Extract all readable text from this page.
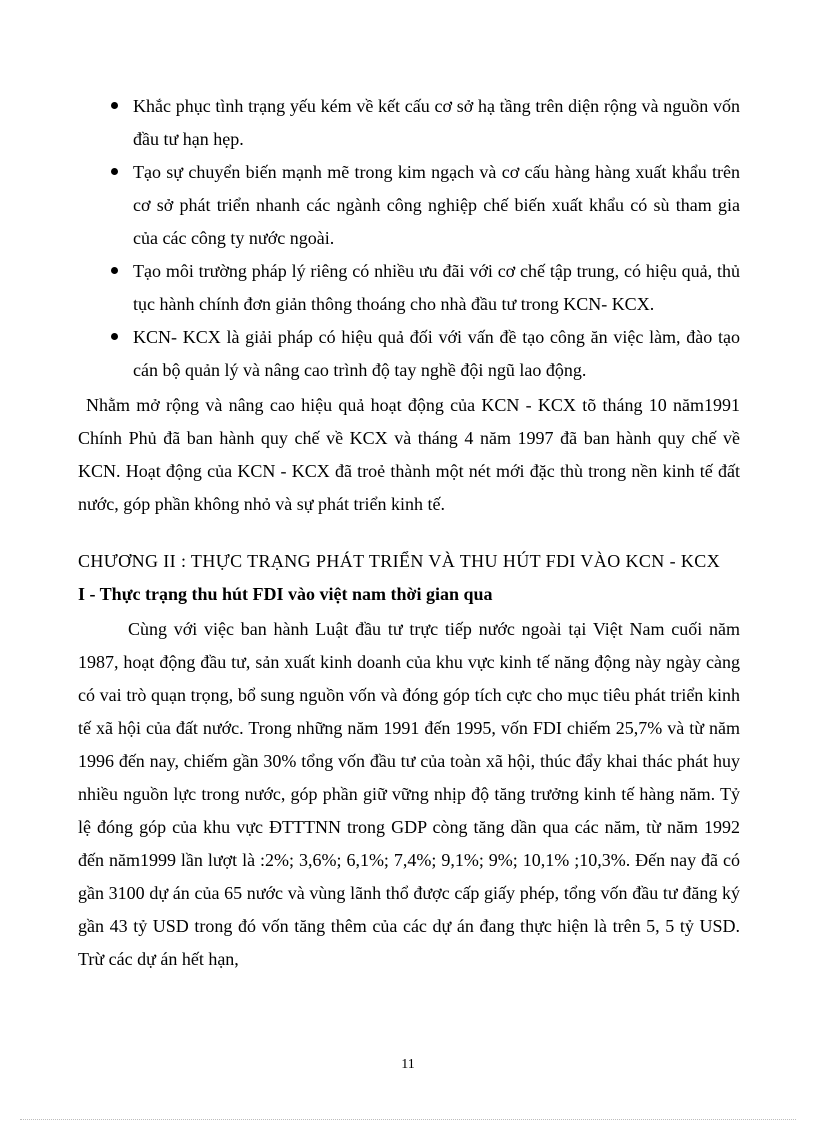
Khắc phục tình trạng yếu kém về kết cấu cơ sở hạ tầng trên diện rộng và nguồn vốn đầu tư hạn hẹp.
Tạo sự chuyển biến mạnh mẽ trong kim ngạch và cơ cấu hàng hàng xuất khẩu trên cơ sở phát triển nhanh các ngành công nghiệp chế biến xuất khẩu có sù tham gia của các công ty nước ngoài.
Tạo môi trường pháp lý riêng có nhiều ưu đãi với cơ chế tập trung, có hiệu quả, thủ tục hành chính đơn giản thông thoáng cho nhà đầu tư trong KCN- KCX.
KCN- KCX là giải pháp có hiệu quả đối với vấn đề tạo công ăn việc làm, đào tạo cán bộ quản lý và nâng cao trình độ tay nghề đội ngũ lao động.

Nhằm mở rộng và nâng cao hiệu quả hoạt động của KCN - KCX tõ tháng 10 năm1991 Chính Phủ đã ban hành quy chế về KCX và tháng 4 năm 1997 đã ban hành quy chế về KCN. Hoạt động của KCN - KCX đã troẻ thành một nét mới đặc thù trong nền kinh tế đất nước, góp phần không nhỏ và sự phát triển kinh tế.

CHƯƠNG II : THỰC TRẠNG PHÁT TRIỂN VÀ THU HÚT FDI VÀO KCN - KCX

I - Thực trạng thu hút FDI vào việt nam thời gian qua

Cùng với việc ban hành Luật đầu tư trực tiếp nước ngoài tại Việt Nam cuối năm 1987, hoạt động đầu tư, sản xuất kinh doanh của khu vực kinh tế năng động này ngày càng có vai trò quạn trọng, bổ sung nguồn vốn và đóng góp tích cực cho mục tiêu phát triển kinh tế xã hội của đất nước. Trong những năm 1991 đến 1995, vốn FDI chiếm 25,7% và từ năm 1996 đến nay, chiếm gần 30% tổng vốn đầu tư của toàn xã hội, thúc đẩy khai thác phát huy nhiều nguồn lực trong nước, góp phần giữ vững nhịp độ tăng trưởng kinh tế hàng năm. Tỷ lệ đóng góp của khu vực ĐTTTNN trong GDP còng tăng dần qua các năm, từ năm 1992 đến năm1999 lần lượt là :2%; 3,6%; 6,1%; 7,4%; 9,1%; 9%; 10,1% ;10,3%. Đến nay đã có gần 3100 dự án của 65 nước và vùng lãnh thổ được cấp giấy phép, tổng vốn đầu tư đăng ký gần 43 tỷ USD trong đó vốn tăng thêm của các dự án đang thực hiện là trên 5, 5 tỷ USD. Trừ các dự án hết hạn,

11
